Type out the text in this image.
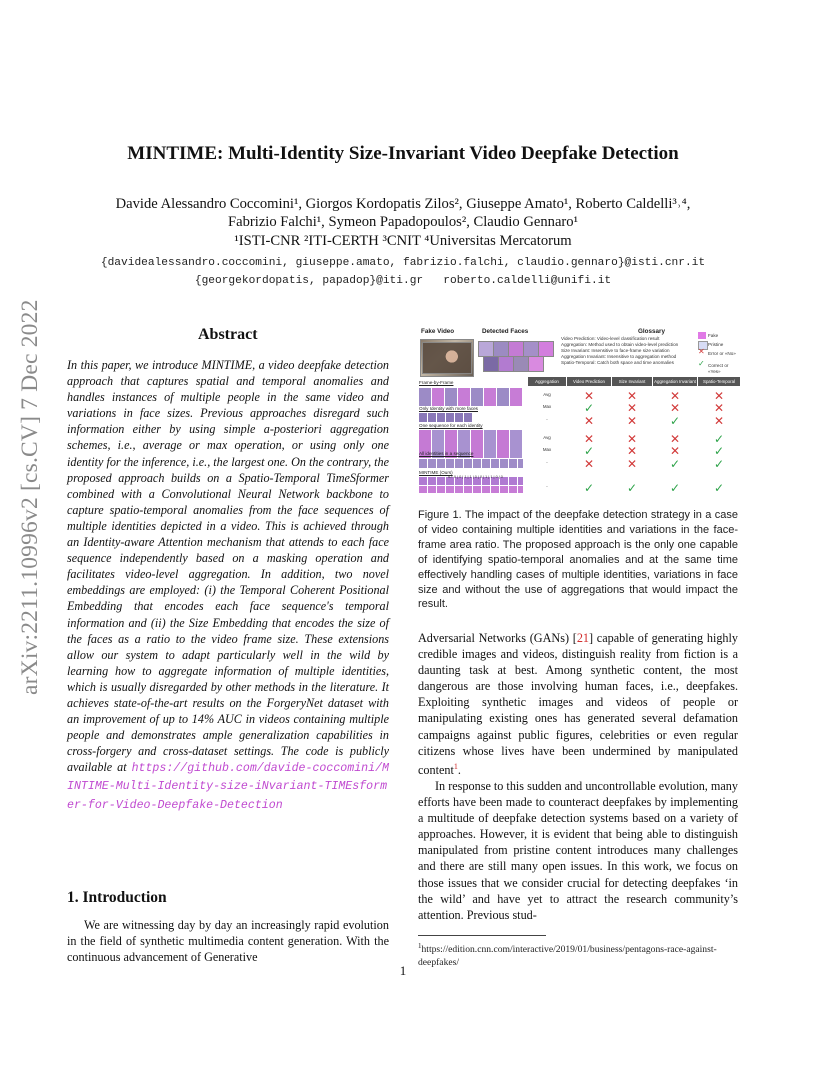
arXiv:2211.10996v2 [cs.CV] 7 Dec 2022
MINTIME: Multi-Identity Size-Invariant Video Deepfake Detection
Davide Alessandro Coccomini¹, Giorgos Kordopatis Zilos², Giuseppe Amato¹, Roberto Caldelli³˒⁴,
Fabrizio Falchi¹, Symeon Papadopoulos², Claudio Gennaro¹
¹ISTI-CNR ²ITI-CERTH ³CNIT ⁴Universitas Mercatorum
{davidealessandro.coccomini, giuseppe.amato, fabrizio.falchi, claudio.gennaro}@isti.cnr.it
{georgekordopatis, papadop}@iti.gr roberto.caldelli@unifi.it
Abstract
In this paper, we introduce MINTIME, a video deepfake detection approach that captures spatial and temporal anomalies and handles instances of multiple people in the same video and variations in face sizes. Previous approaches disregard such information either by using simple a-posteriori aggregation schemes, i.e., average or max operation, or using only one identity for the inference, i.e., the largest one. On the contrary, the proposed approach builds on a Spatio-Temporal TimeSformer combined with a Convolutional Neural Network backbone to capture spatio-temporal anomalies from the face sequences of multiple identities depicted in a video. This is achieved through an Identity-aware Attention mechanism that attends to each face sequence independently based on a masking operation and facilitates video-level aggregation. In addition, two novel embeddings are employed: (i) the Temporal Coherent Positional Embedding that encodes each face sequence's temporal information and (ii) the Size Embedding that encodes the size of the faces as a ratio to the video frame size. These extensions allow our system to adapt particularly well in the wild by learning how to aggregate information of multiple identities, which is usually disregarded by other methods in the literature. It achieves state-of-the-art results on the ForgeryNet dataset with an improvement of up to 14% AUC in videos containing multiple people and demonstrates ample generalization capabilities in cross-forgery and cross-dataset settings. The code is publicly available at https://github.com/davide-coccomini/MINTIME-Multi-Identity-size-iNvariant-TIMEsformer-for-Video-Deepfake-Detection
1. Introduction
We are witnessing day by day an increasingly rapid evolution in the field of synthetic multimedia content generation. With the continuous advancement of Generative
Fake Video	Detected Faces	Glossary
Video Prediction: Video-level classification result
Aggregation: Method used to obtain video-level prediction
Size Invariant: Insensitive to face-frame size variation
Aggregation Invariant: Insensitive to aggregation method
Spatio-Temporal: Catch both space and time anomalies
Fake
Pristine
✕ Error or «No»
✓ Correct or «Yes»
Aggregation	Video Prediction	Size Invariant	Aggregation Invariant	Spatio-Temporal
Frame-by-Frame
Only Identity with more faces
One sequence for each identity
All identities in a sequence
MINTIME (Ours)
ID: 0 | 0 | 1 | 1 | 0 | 0 | 1 | 1 | 0 | 0
Avg	✕	✕	✕	✕
Max	✓	✕	✕	✕
-	✕	✕	✓	✕
Avg	✕	✕	✕	✓
Max	✓	✕	✕	✓
-	✕	✕	✓	✓
-	✓	✓	✓	✓
Figure 1. The impact of the deepfake detection strategy in a case of video containing multiple identities and variations in the face-frame area ratio. The proposed approach is the only one capable of identifying spatio-temporal anomalies and at the same time effectively handling cases of multiple identities, variations in face size and without the use of aggregations that would impact the result.
Adversarial Networks (GANs) [21] capable of generating highly credible images and videos, distinguish reality from fiction is a daunting task at best. Among synthetic content, the most dangerous are those involving human faces, i.e., deepfakes. Exploiting synthetic images and videos of people or manipulating existing ones has generated several defamation campaigns against public figures, celebrities or even regular citizens whose lives have been undermined by manipulated content$^1$.
In response to this sudden and uncontrollable evolution, many efforts have been made to counteract deepfakes by implementing a multitude of deepfake detection systems based on a variety of approaches. However, it is evident that being able to distinguish manipulated from pristine content introduces many challenges and there are still many open issues. In this work, we focus on those issues that we consider crucial for detecting deepfakes ‘in the wild’ and have yet to attract the research community’s attention. Previous stud-
$^1$https://edition.cnn.com/interactive/2019/01/business/pentagons-race-against-deepfakes/
1
